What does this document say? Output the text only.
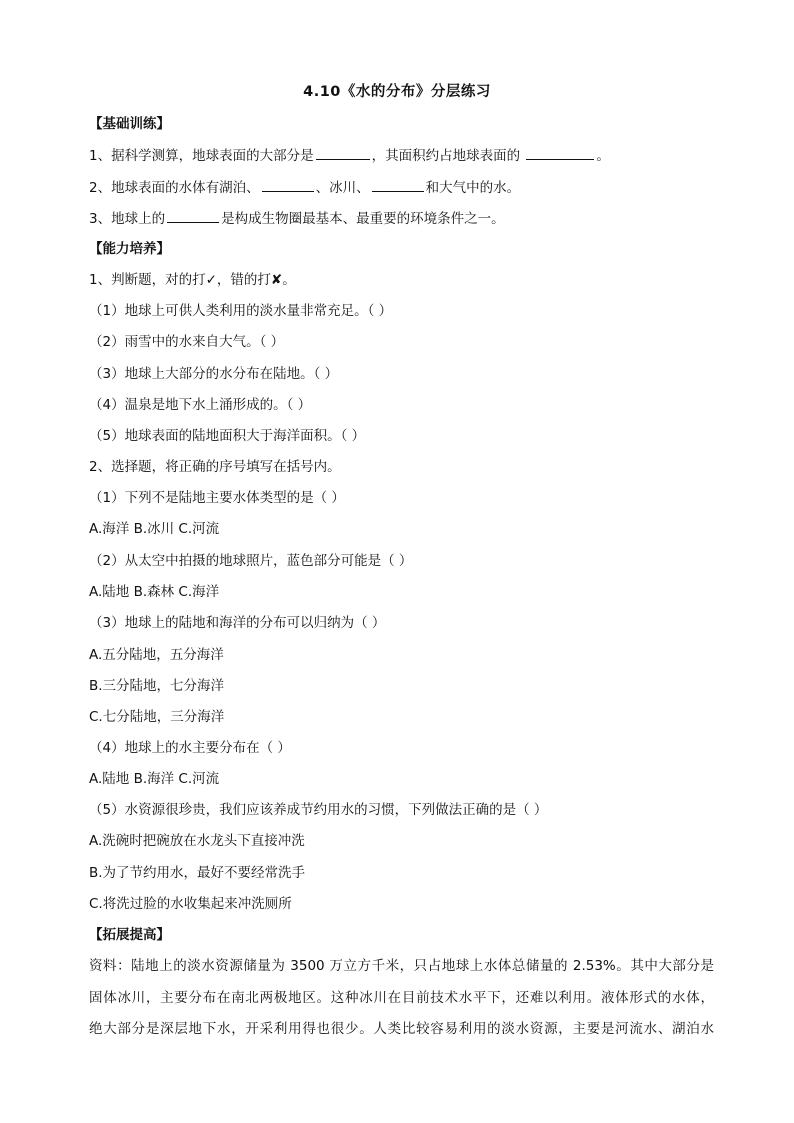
4.10《水的分布》分层练习
【基础训练】
1、据科学测算，地球表面的大部分是	，其面积约占地球表面的	。
2、地球表面的水体有湖泊、	、冰川、	和大气中的水。
3、地球上的	是构成生物圈最基本、最重要的环境条件之一。
【能力培养】
1、判断题，对的打✓，错的打✘。
（1）地球上可供人类利用的淡水量非常充足。（ ）
（2）雨雪中的水来自大气。（ ）
（3）地球上大部分的水分布在陆地。（ ）
（4）温泉是地下水上涌形成的。（ ）
（5）地球表面的陆地面积大于海洋面积。（ ）
2、选择题，将正确的序号填写在括号内。
（1）下列不是陆地主要水体类型的是（ ）
A.海洋 B.冰川 C.河流
（2）从太空中拍摄的地球照片，蓝色部分可能是（ ）
A.陆地 B.森林 C.海洋
（3）地球上的陆地和海洋的分布可以归纳为（ ）
A.五分陆地，五分海洋
B.三分陆地，七分海洋
C.七分陆地，三分海洋
（4）地球上的水主要分布在（ ）
A.陆地 B.海洋 C.河流
（5）水资源很珍贵，我们应该养成节约用水的习惯，下列做法正确的是（ ）
A.洗碗时把碗放在水龙头下直接冲洗
B.为了节约用水，最好不要经常洗手
C.将洗过脸的水收集起来冲洗厕所
【拓展提高】
资料：陆地上的淡水资源储量为 3500 万立方千米，只占地球上水体总储量的 2.53%。其中大部分是
固体冰川，主要分布在南北两极地区。这种冰川在目前技术水平下，还难以利用。液体形式的水体，
绝大部分是深层地下水，开采利用得也很少。人类比较容易利用的淡水资源，主要是河流水、湖泊水
